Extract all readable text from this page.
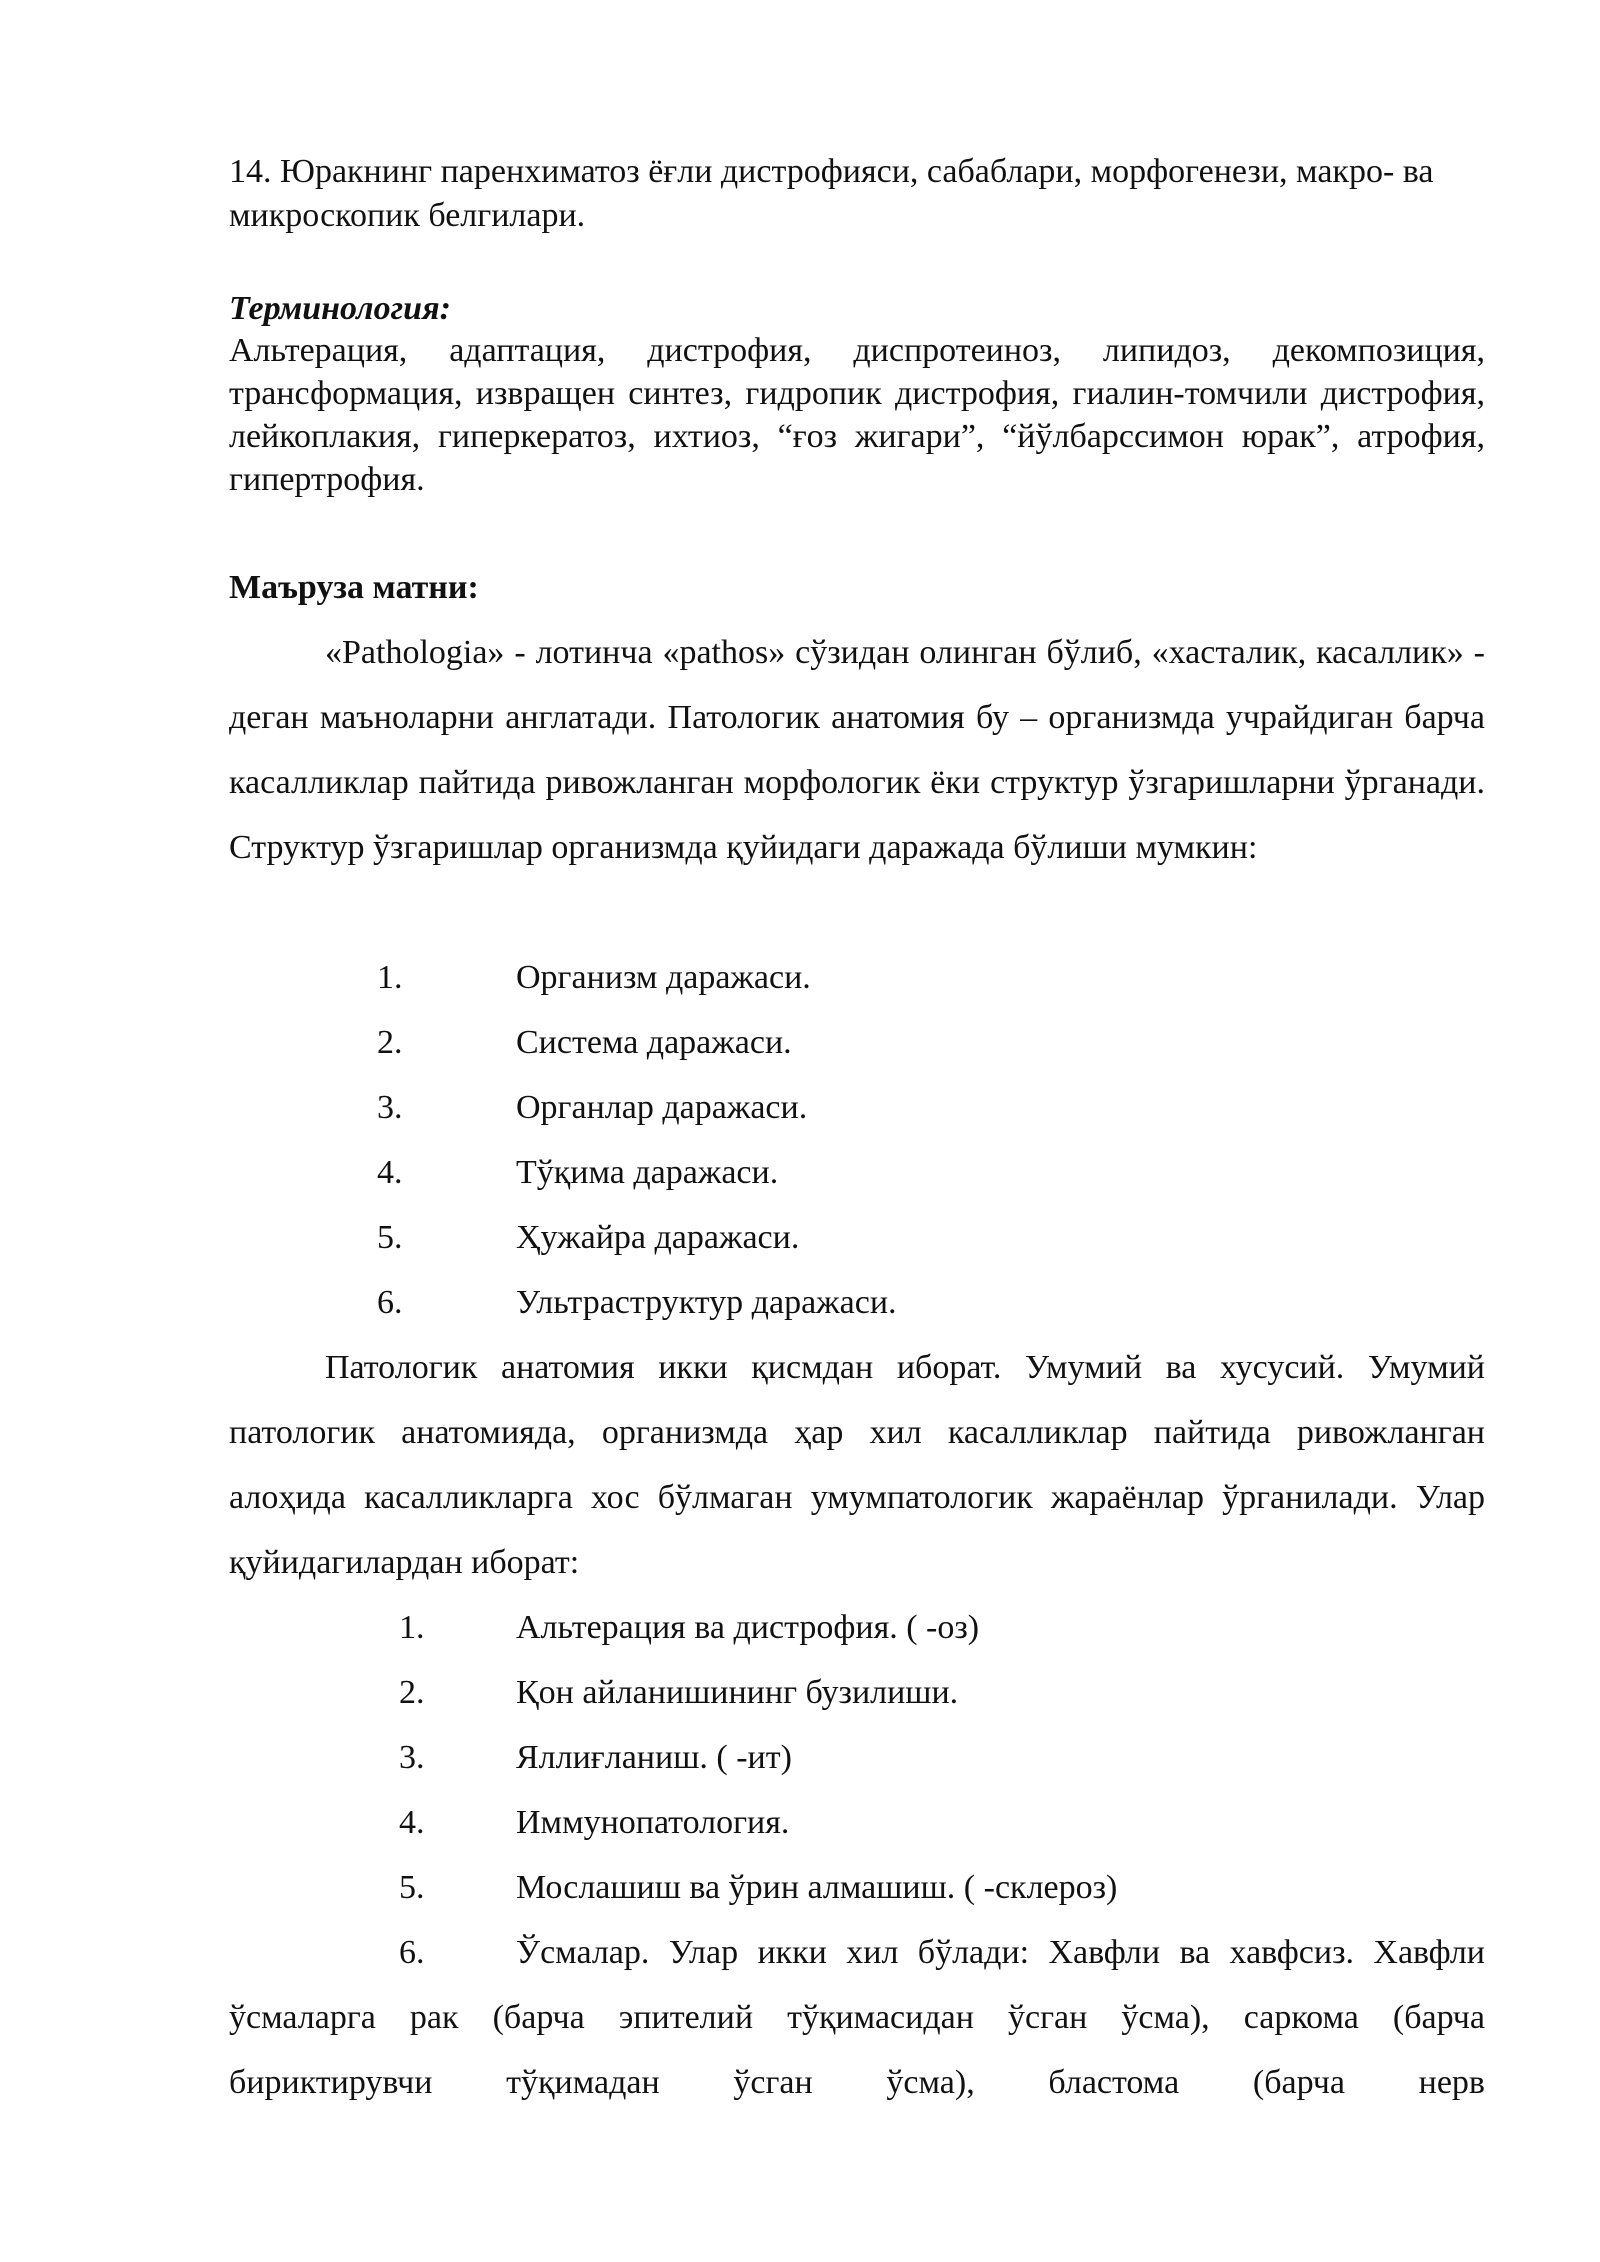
14. Юракнинг паренхиматоз ёғли дистрофияси, сабаблари, морфогенези, макро- ва микроскопик белгилари.
Терминология:
Альтерация, адаптация, дистрофия, диспротеиноз, липидоз, декомпозиция, трансформация, извращен синтез, гидропик дистрофия, гиалин-томчили дистрофия, лейкоплакия, гиперкератоз, ихтиоз, “ғоз жигари”, “йўлбарссимон юрак”, атрофия, гипертрофия.
Маъруза матни:
«Pathologia» - лотинча «pathos» сўзидан олинган бўлиб, «хасталик, касаллик» - деган маъноларни англатади. Патологик анатомия бу – организмда учрайдиган барча касалликлар пайтида ривожланган морфологик ёки структур ўзгаришларни ўрганади. Структур ўзгаришлар организмда қуйидаги даражада бўлиши мумкин:
1.	Организм даражаси.
2.	Система даражаси.
3.	Органлар даражаси.
4.	Тўқима даражаси.
5.	Ҳужайра даражаси.
6.	Ультраструктур даражаси.
Патологик анатомия икки қисмдан иборат. Умумий ва хусусий. Умумий патологик анатомияда, организмда ҳар хил касалликлар пайтида ривожланган алоҳида касалликларга хос бўлмаган умумпатологик жараёнлар ўрганилади. Улар қуйидагилардан иборат:
1.	Альтерация ва дистрофия. ( -оз)
2.	Қон айланишининг бузилиши.
3.	Яллиғланиш. ( -ит)
4.	Иммунопатология.
5.	Мослашиш ва ўрин алмашиш. ( -склероз)
6.	Ўсмалар. Улар икки хил бўлади: Хавфли ва хавфсиз. Хавфли ўсмаларга рак (барча эпителий тўқимасидан ўсган ўсма), саркома (барча бириктирувчи тўқимадан ўсган ўсма), бластома (барча нерв
